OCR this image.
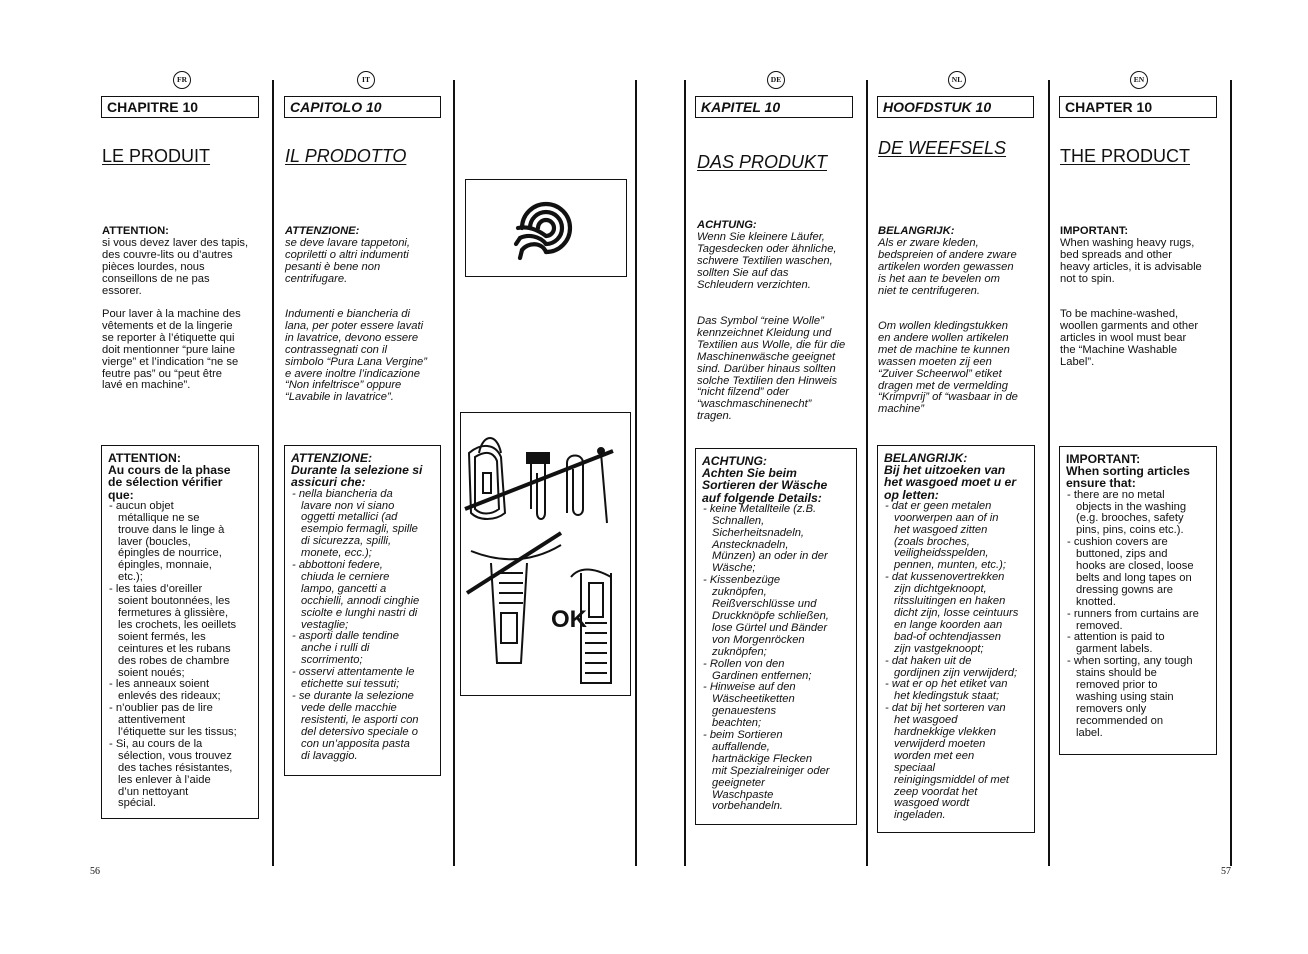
FR	IT	DE	NL	EN
CHAPITRE 10	CAPITOLO 10	KAPITEL 10	HOOFDSTUK 10	CHAPTER 10
LE PRODUIT	IL PRODOTTO	DAS PRODUKT
DE WEEFSELS	THE PRODUCT
ATTENTION:
si vous devez laver des tapis,
des couvre-lits ou d’autres
pièces lourdes, nous
conseillons de ne pas
essorer.
Pour laver à la machine des
vêtements et de la lingerie
se reporter à l’étiquette qui
doit mentionner “pure laine
vierge” et l’indication “ne se
feutre pas” ou “peut être
lavé en machine”.
ATTENTION:
Au cours de la phase
de sélection vérifier
que:
- aucun objet
métallique ne se
trouve dans le linge à
laver (boucles,
épingles de nourrice,
épingles, monnaie,
etc.);
- les taies d’oreiller
soient boutonnées, les
fermetures à glissière,
les crochets, les oeillets
soient fermés, les
ceintures et les rubans
des robes de chambre
soient noués;
- les anneaux soient
enlevés des rideaux;
- n’oublier pas de lire
attentivement
l’étiquette sur les tissus;
- Si, au cours de la
sélection, vous trouvez
des taches résistantes,
les enlever à l’aide
d’un nettoyant
spécial.
ATTENZIONE:
se deve lavare tappetoni,
copriletti o altri indumenti
pesanti è bene non
centrifugare.
Indumenti e biancheria di
lana, per poter essere lavati
in lavatrice, devono essere
contrassegnati con il
simbolo “Pura Lana Vergine”
e avere inoltre l’indicazione
“Non infeltrisce” oppure
“Lavabile in lavatrice”.
ATTENZIONE:
Durante la selezione si
assicuri che:
- nella biancheria da
lavare non vi siano
oggetti metallici (ad
esempio fermagli, spille
di sicurezza, spilli,
monete, ecc.);
- abbottoni federe,
chiuda le cerniere
lampo, gancetti a
occhielli, annodi cinghie
sciolte e lunghi nastri di
vestaglie;
- asporti dalle tendine
anche i rulli di
scorrimento;
- osservi attentamente le
etichette sui tessuti;
- se durante la selezione
vede delle macchie
resistenti, le asporti con
del detersivo speciale o
con un’apposita pasta
di lavaggio.
OK
ACHTUNG:
Wenn Sie kleinere Läufer,
Tagesdecken oder ähnliche,
schwere Textilien waschen,
sollten Sie auf das
Schleudern verzichten.
Das Symbol “reine Wolle”
kennzeichnet Kleidung und
Textilien aus Wolle, die für die
Maschinenwäsche geeignet
sind. Darüber hinaus sollten
solche Textilien den Hinweis
“nicht filzend” oder
“waschmaschinenecht”
tragen.
ACHTUNG:
Achten Sie beim
Sortieren der Wäsche
auf folgende Details:
- keine Metallteile (z.B.
Schnallen,
Sicherheitsnadeln,
Anstecknadeln,
Münzen) an oder in der
Wäsche;
- Kissenbezüge
zuknöpfen,
Reißverschlüsse und
Druckknöpfe schließen,
lose Gürtel und Bänder
von Morgenröcken
zuknöpfen;
- Rollen von den
Gardinen entfernen;
- Hinweise auf den
Wäscheetiketten
genauestens
beachten;
- beim Sortieren
auffallende,
hartnäckige Flecken
mit Spezialreiniger oder
geeigneter
Waschpaste
vorbehandeln.
BELANGRIJK:
Als er zware kleden,
bedspreien of andere zware
artikelen worden gewassen
is het aan te bevelen om
niet te centrifugeren.
Om wollen kledingstukken
en andere wollen artikelen
met de machine te kunnen
wassen moeten zij een
“Zuiver Scheerwol” etiket
dragen met de vermelding
“Krimpvrij” of “wasbaar in de
machine”
BELANGRIJK:
Bij het uitzoeken van
het wasgoed moet u er
op letten:
- dat er geen metalen
voorwerpen aan of in
het wasgoed zitten
(zoals broches,
veiligheidsspelden,
pennen, munten, etc.);
- dat kussenovertrekken
zijn dichtgeknoopt,
ritssluitingen en haken
dicht zijn, losse ceintuurs
en lange koorden aan
bad-of ochtendjassen
zijn vastgeknoopt;
- dat haken uit de
gordijnen zijn verwijderd;
- wat er op het etiket van
het kledingstuk staat;
- dat bij het sorteren van
het wasgoed
hardnekkige vlekken
verwijderd moeten
worden met een
speciaal
reinigingsmiddel of met
zeep voordat het
wasgoed wordt
ingeladen.
IMPORTANT:
When washing heavy rugs,
bed spreads and other
heavy articles, it is advisable
not to spin.
To be machine-washed,
woollen garments and other
articles in wool must bear
the “Machine Washable
Label”.
IMPORTANT:
When sorting articles
ensure that:
- there are no metal
objects in the washing
(e.g. brooches, safety
pins, pins, coins etc.).
- cushion covers are
buttoned, zips and
hooks are closed, loose
belts and long tapes on
dressing gowns are
knotted.
- runners from curtains are
removed.
- attention is paid to
garment labels.
- when sorting, any tough
stains should be
removed prior to
washing using stain
removers only
recommended on
label.
56	57
